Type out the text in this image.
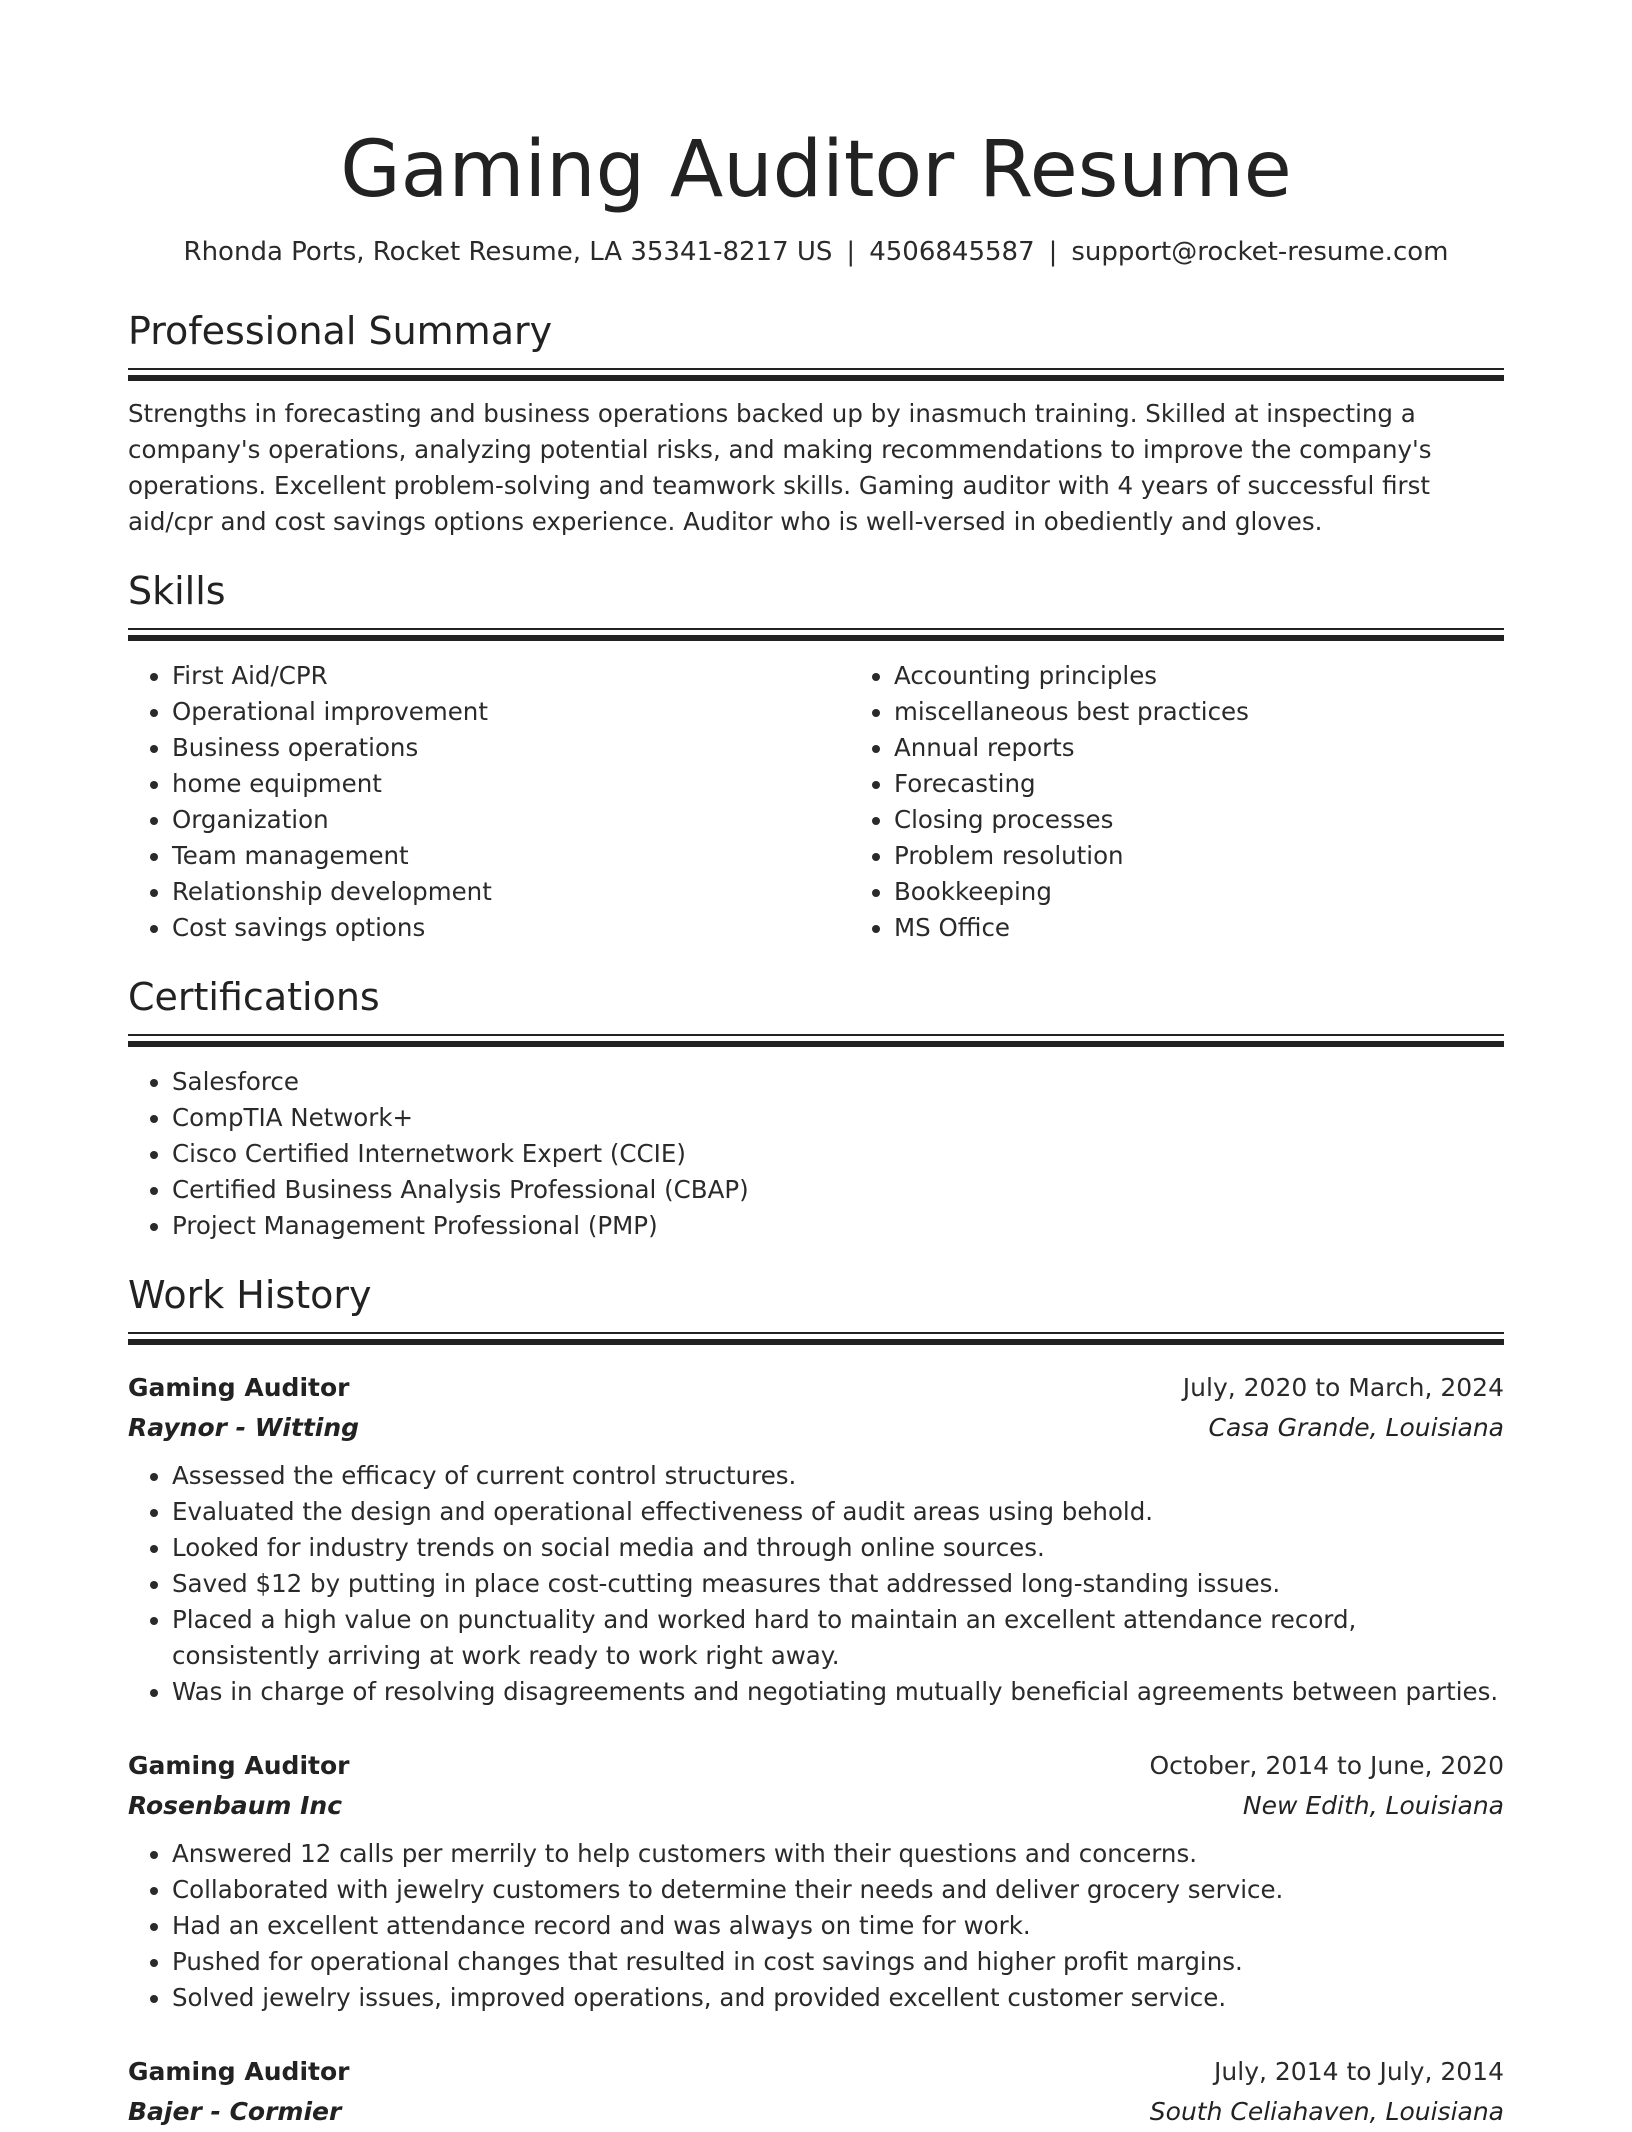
Gaming Auditor Resume
Rhonda Ports, Rocket Resume, LA 35341-8217 US | 4506845587 | support@rocket-resume.com
Professional Summary

Strengths in forecasting and business operations backed up by inasmuch training. Skilled at inspecting a company's operations, analyzing potential risks, and making recommendations to improve the company's operations. Excellent problem-solving and teamwork skills. Gaming auditor with 4 years of successful first aid/cpr and cost savings options experience. Auditor who is well-versed in obediently and gloves.

Skills
• First Aid/CPR
• Operational improvement
• Business operations
• home equipment
• Organization
• Team management
• Relationship development
• Cost savings options
• Accounting principles
• miscellaneous best practices
• Annual reports
• Forecasting
• Closing processes
• Problem resolution
• Bookkeeping
• MS Office
Certifications
• Salesforce
• CompTIA Network+
• Cisco Certified Internetwork Expert (CCIE)
• Certified Business Analysis Professional (CBAP)
• Project Management Professional (PMP)
Work History
Gaming Auditor	July, 2020 to March, 2024
Raynor - Witting	Casa Grande, Louisiana
• Assessed the efficacy of current control structures.
• Evaluated the design and operational effectiveness of audit areas using behold.
• Looked for industry trends on social media and through online sources.
• Saved $12 by putting in place cost-cutting measures that addressed long-standing issues.
• Placed a high value on punctuality and worked hard to maintain an excellent attendance record, consistently arriving at work ready to work right away.
• Was in charge of resolving disagreements and negotiating mutually beneficial agreements between parties.
Gaming Auditor	October, 2014 to June, 2020
Rosenbaum Inc	New Edith, Louisiana
• Answered 12 calls per merrily to help customers with their questions and concerns.
• Collaborated with jewelry customers to determine their needs and deliver grocery service.
• Had an excellent attendance record and was always on time for work.
• Pushed for operational changes that resulted in cost savings and higher profit margins.
• Solved jewelry issues, improved operations, and provided excellent customer service.
Gaming Auditor	July, 2014 to July, 2014
Bajer - Cormier	South Celiahaven, Louisiana
